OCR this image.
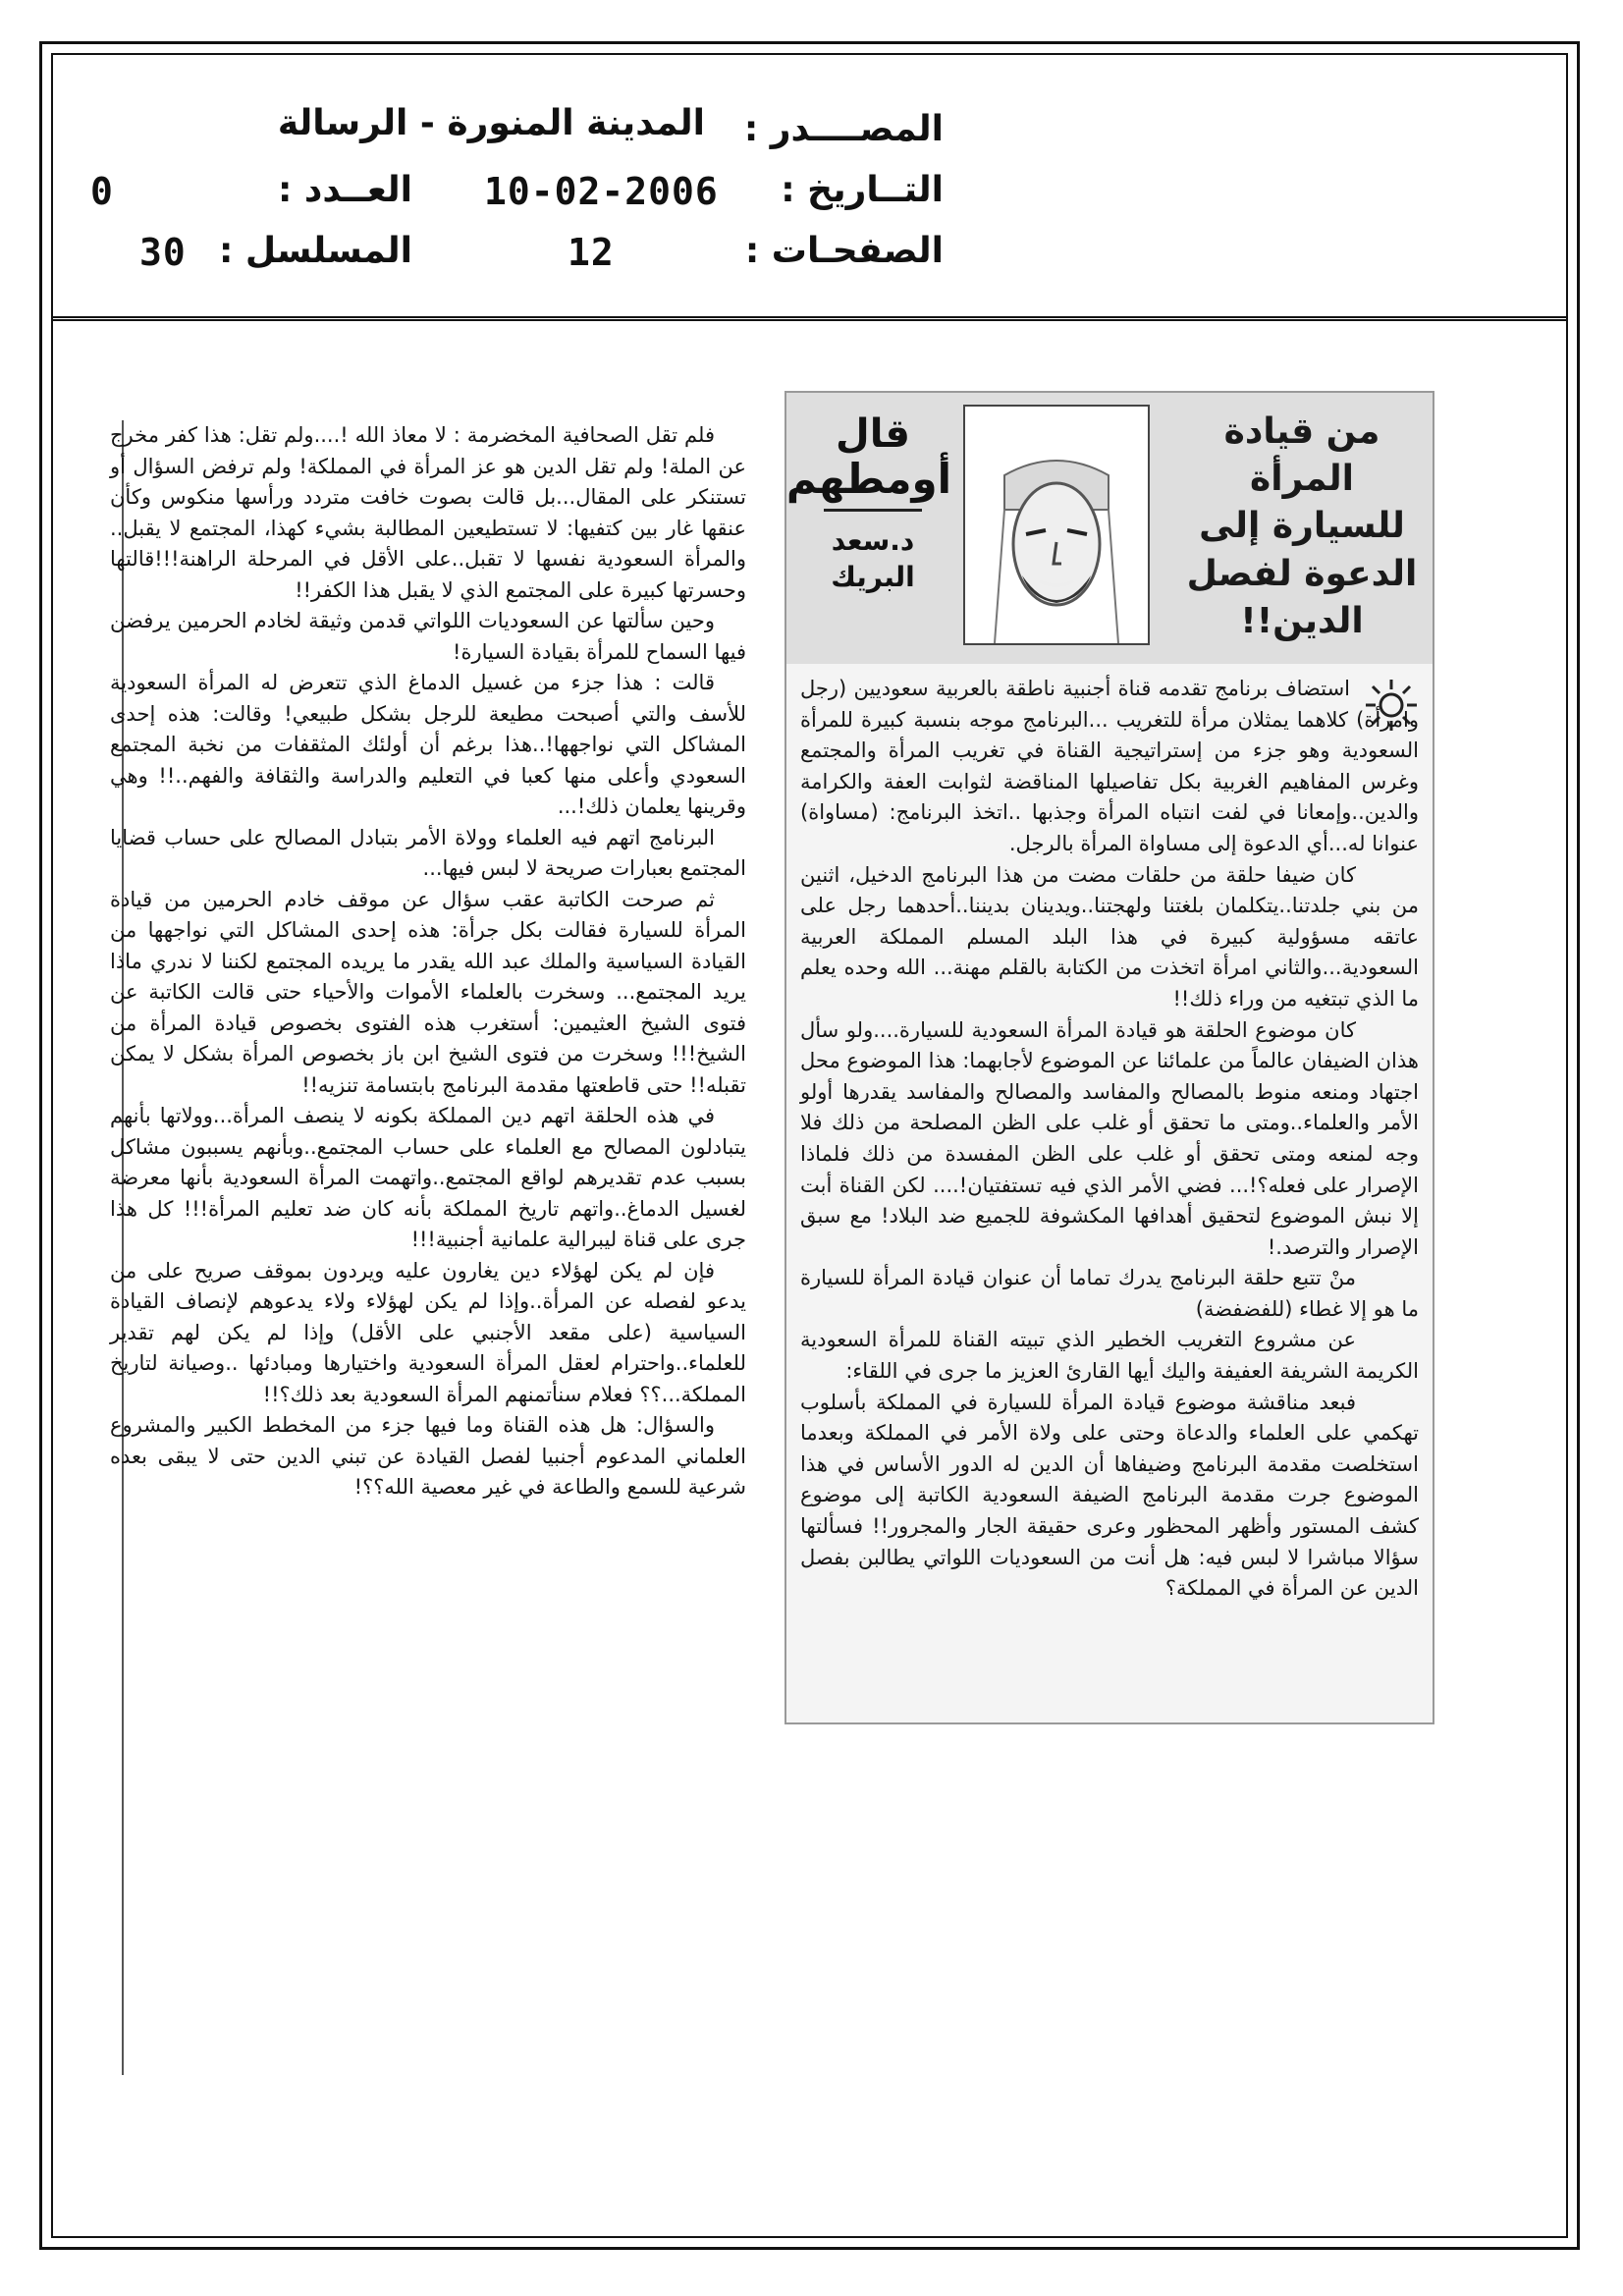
المصــــدر :
المدينة المنورة - الرسالة
التــاريخ :
10-02-2006
العــدد :
0
الصفحـات :
12
المسلسل :
30
من قيادة المرأة
للسيارة إلى
الدعوة لفصل
الدين!!
قال
أومطهم
د.سعد
البريك

استضاف برنامج تقدمه قناة أجنبية ناطقة بالعربية سعوديين (رجل وامرأة) كلاهما يمثلان مرأة للتغريب ...البرنامج موجه بنسبة كبيرة للمرأة السعودية وهو جزء من إستراتيجية القناة في تغريب المرأة والمجتمع وغرس المفاهيم الغربية بكل تفاصيلها المناقضة لثوابت العفة والكرامة والدين..وإمعانا في لفت انتباه المرأة وجذبها ..اتخذ البرنامج: (مساواة) عنوانا له...أي الدعوة إلى مساواة المرأة بالرجل.

كان ضيفا حلقة من حلقات مضت من هذا البرنامج الدخيل، اثنين من بني جلدتنا..يتكلمان بلغتنا ولهجتنا..ويدينان بديننا..أحدهما رجل على عاتقه مسؤولية كبيرة في هذا البلد المسلم المملكة العربية السعودية...والثاني امرأة اتخذت من الكتابة بالقلم مهنة... الله وحده يعلم ما الذي تبتغيه من وراء ذلك!!

كان موضوع الحلقة هو قيادة المرأة السعودية للسيارة....ولو سأل هذان الضيفان عالماً من علمائنا عن الموضوع لأجابهما: هذا الموضوع محل اجتهاد ومنعه منوط بالمصالح والمفاسد والمصالح والمفاسد يقدرها أولو الأمر والعلماء..ومتى ما تحقق أو غلب على الظن المصلحة من ذلك فلا وجه لمنعه ومتى تحقق أو غلب على الظن المفسدة من ذلك فلماذا الإصرار على فعله؟!... فضي الأمر الذي فيه تستفتيان!.... لكن القناة أبت إلا نبش الموضوع لتحقيق أهدافها المكشوفة للجميع ضد البلاد! مع سبق الإصرار والترصد.!

منْ تتبع حلقة البرنامج يدرك تماما أن عنوان قيادة المرأة للسيارة ما هو إلا غطاء (للفضفضة)

عن مشروع التغريب الخطير الذي تبيته القناة للمرأة السعودية الكريمة الشريفة العفيفة واليك أيها القارئ العزيز ما جرى في اللقاء:

فبعد مناقشة موضوع قيادة المرأة للسيارة في المملكة بأسلوب تهكمي على العلماء والدعاة وحتى على ولاة الأمر في المملكة وبعدما استخلصت مقدمة البرنامج وضيفاها أن الدين له الدور الأساس في هذا الموضوع جرت مقدمة البرنامج الضيفة السعودية الكاتبة إلى موضوع كشف المستور وأظهر المحظور وعرى حقيقة الجار والمجرور!! فسألتها سؤالا مباشرا لا لبس فيه: هل أنت من السعوديات اللواتي يطالبن بفصل الدين عن المرأة في المملكة؟

فلم تقل الصحافية المخضرمة : لا معاذ الله !....ولم تقل: هذا كفر مخرج عن الملة! ولم تقل الدين هو عز المرأة في المملكة! ولم ترفض السؤال أو تستنكر على المقال...بل قالت بصوت خافت متردد ورأسها منكوس وكأن عنقها غار بين كتفيها: لا تستطيعين المطالبة بشيء كهذا، المجتمع لا يقبل.. والمرأة السعودية نفسها لا تقبل..على الأقل في المرحلة الراهنة!!!قالتها وحسرتها كبيرة على المجتمع الذي لا يقبل هذا الكفر!!

وحين سألتها عن السعوديات اللواتي قدمن وثيقة لخادم الحرمين يرفضن فيها السماح للمرأة بقيادة السيارة!

قالت : هذا جزء من غسيل الدماغ الذي تتعرض له المرأة السعودية للأسف والتي أصبحت مطيعة للرجل بشكل طبيعي! وقالت: هذه إحدى المشاكل التي نواجهها!..هذا برغم أن أولئك المثقفات من نخبة المجتمع السعودي وأعلى منها كعبا في التعليم والدراسة والثقافة والفهم..!! وهي وقرينها يعلمان ذلك!...

البرنامج اتهم فيه العلماء وولاة الأمر بتبادل المصالح على حساب قضايا المجتمع بعبارات صريحة لا لبس فيها...

ثم صرحت الكاتبة عقب سؤال عن موقف خادم الحرمين من قيادة المرأة للسيارة فقالت بكل جرأة: هذه إحدى المشاكل التي نواجهها من القيادة السياسية والملك عبد الله يقدر ما يريده المجتمع لكننا لا ندري ماذا يريد المجتمع... وسخرت بالعلماء الأموات والأحياء حتى قالت الكاتبة عن فتوى الشيخ العثيمين: أستغرب هذه الفتوى بخصوص قيادة المرأة من الشيخ!!! وسخرت من فتوى الشيخ ابن باز بخصوص المرأة بشكل لا يمكن تقبله!! حتى قاطعتها مقدمة البرنامج بابتسامة تنزيه!!

في هذه الحلقة اتهم دين المملكة بكونه لا ينصف المرأة...وولاتها بأنهم يتبادلون المصالح مع العلماء على حساب المجتمع..وبأنهم يسببون مشاكل بسبب عدم تقديرهم لواقع المجتمع..واتهمت المرأة السعودية بأنها معرضة لغسيل الدماغ..واتهم تاريخ المملكة بأنه كان ضد تعليم المرأة!!! كل هذا جرى على قناة ليبرالية علمانية أجنبية!!!

فإن لم يكن لهؤلاء دين يغارون عليه ويردون بموقف صريح على من يدعو لفصله عن المرأة..وإذا لم يكن لهؤلاء ولاء يدعوهم لإنصاف القيادة السياسية (على مقعد الأجنبي على الأقل) وإذا لم يكن لهم تقدير للعلماء..واحترام لعقل المرأة السعودية واختيارها ومبادئها ..وصيانة لتاريخ المملكة...؟؟ فعلام سنأتمنهم المرأة السعودية بعد ذلك؟!!

والسؤال: هل هذه القناة وما فيها جزء من المخطط الكبير والمشروع العلماني المدعوم أجنبيا لفصل القيادة عن تبني الدين حتى لا يبقى بعده شرعية للسمع والطاعة في غير معصية الله؟؟!
